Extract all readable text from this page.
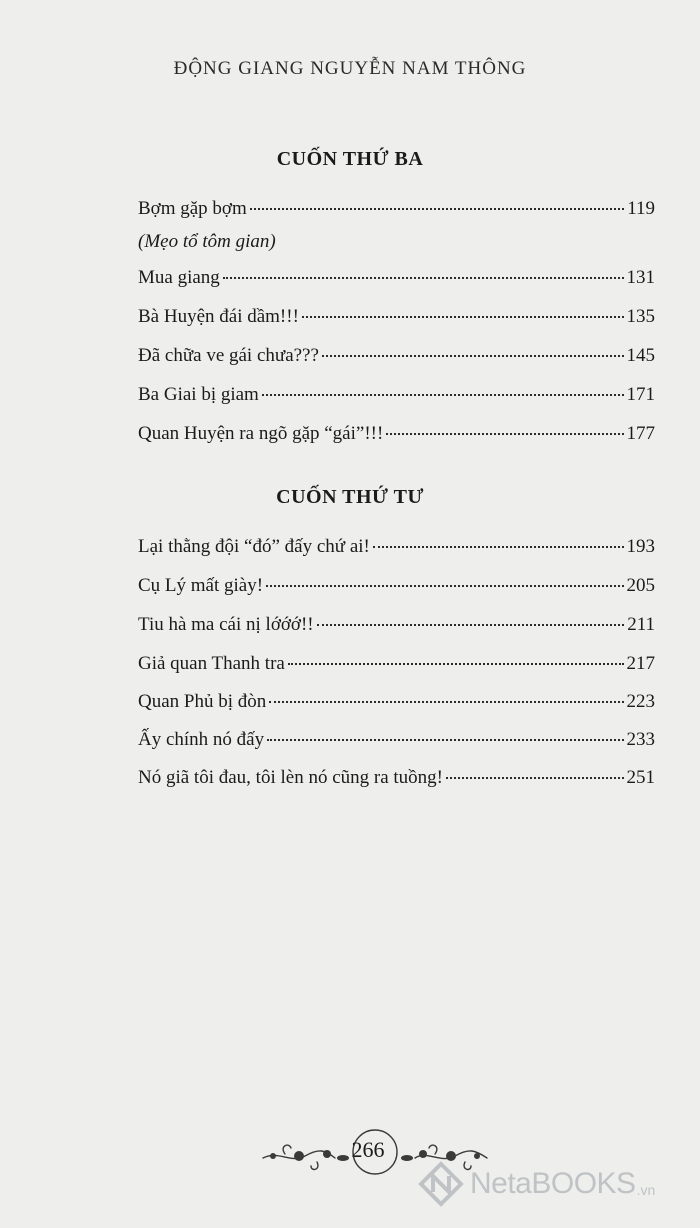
ĐỘNG GIANG NGUYỄN NAM THÔNG
CUỐN THỨ BA
Bợm gặp bợm	119
(Mẹo tổ tôm gian)
Mua giang	131
Bà Huyện đái dầm!!!	135
Đã chữa ve gái chưa???	145
Ba Giai bị giam	171
Quan Huyện ra ngõ gặp “gái”!!!	177
CUỐN THỨ TƯ
Lại thằng đội “đó” đấy chứ ai!	193
Cụ Lý mất giày!	205
Tiu hà ma cái nị lớớớ!!	211
Giả quan Thanh tra	217
Quan Phủ bị đòn	223
Ấy chính nó đấy	233
Nó giã tôi đau, tôi lèn nó cũng ra tuồng!	251
266
NetaBOOKS .vn
